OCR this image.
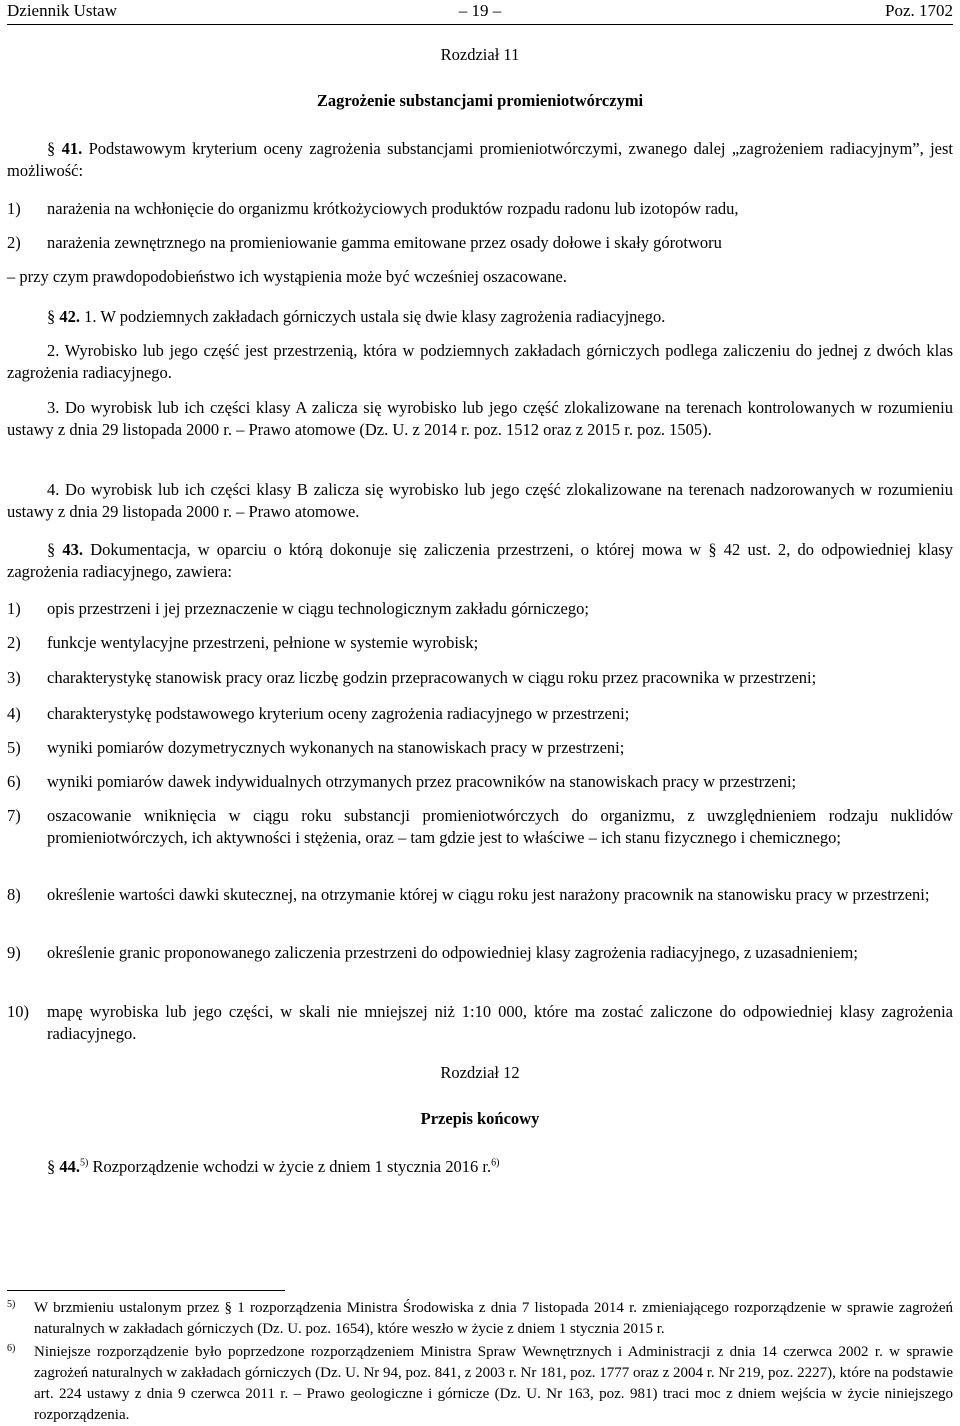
Dziennik Ustaw	– 19 –	Poz. 1702
Rozdział 11
Zagrożenie substancjami promieniotwórczymi
§ 41. Podstawowym kryterium oceny zagrożenia substancjami promieniotwórczymi, zwanego dalej „zagrożeniem radiacyjnym”, jest możliwość:
1) narażenia na wchłonięcie do organizmu krótkożyciowych produktów rozpadu radonu lub izotopów radu,
2) narażenia zewnętrznego na promieniowanie gamma emitowane przez osady dołowe i skały górotworu
– przy czym prawdopodobieństwo ich wystąpienia może być wcześniej oszacowane.
§ 42. 1. W podziemnych zakładach górniczych ustala się dwie klasy zagrożenia radiacyjnego.
2. Wyrobisko lub jego część jest przestrzenią, która w podziemnych zakładach górniczych podlega zaliczeniu do jednej z dwóch klas zagrożenia radiacyjnego.
3. Do wyrobisk lub ich części klasy A zalicza się wyrobisko lub jego część zlokalizowane na terenach kontrolowanych w rozumieniu ustawy z dnia 29 listopada 2000 r. – Prawo atomowe (Dz. U. z 2014 r. poz. 1512 oraz z 2015 r. poz. 1505).
4. Do wyrobisk lub ich części klasy B zalicza się wyrobisko lub jego część zlokalizowane na terenach nadzorowanych w rozumieniu ustawy z dnia 29 listopada 2000 r. – Prawo atomowe.
§ 43. Dokumentacja, w oparciu o którą dokonuje się zaliczenia przestrzeni, o której mowa w § 42 ust. 2, do odpowiedniej klasy zagrożenia radiacyjnego, zawiera:
1) opis przestrzeni i jej przeznaczenie w ciągu technologicznym zakładu górniczego;
2) funkcje wentylacyjne przestrzeni, pełnione w systemie wyrobisk;
3) charakterystykę stanowisk pracy oraz liczbę godzin przepracowanych w ciągu roku przez pracownika w przestrzeni;
4) charakterystykę podstawowego kryterium oceny zagrożenia radiacyjnego w przestrzeni;
5) wyniki pomiarów dozymetrycznych wykonanych na stanowiskach pracy w przestrzeni;
6) wyniki pomiarów dawek indywidualnych otrzymanych przez pracowników na stanowiskach pracy w przestrzeni;
7) oszacowanie wniknięcia w ciągu roku substancji promieniotwórczych do organizmu, z uwzględnieniem rodzaju nuklidów promieniotwórczych, ich aktywności i stężenia, oraz – tam gdzie jest to właściwe – ich stanu fizycznego i chemicznego;
8) określenie wartości dawki skutecznej, na otrzymanie której w ciągu roku jest narażony pracownik na stanowisku pracy w przestrzeni;
9) określenie granic proponowanego zaliczenia przestrzeni do odpowiedniej klasy zagrożenia radiacyjnego, z uzasadnieniem;
10) mapę wyrobiska lub jego części, w skali nie mniejszej niż 1:10 000, które ma zostać zaliczone do odpowiedniej klasy zagrożenia radiacyjnego.
Rozdział 12
Przepis końcowy
§ 44.$^{5)}$ Rozporządzenie wchodzi w życie z dniem 1 stycznia 2016 r.$^{6)}$
5) W brzmieniu ustalonym przez § 1 rozporządzenia Ministra Środowiska z dnia 7 listopada 2014 r. zmieniającego rozporządzenie w sprawie zagrożeń naturalnych w zakładach górniczych (Dz. U. poz. 1654), które weszło w życie z dniem 1 stycznia 2015 r.
6) Niniejsze rozporządzenie było poprzedzone rozporządzeniem Ministra Spraw Wewnętrznych i Administracji z dnia 14 czerwca 2002 r. w sprawie zagrożeń naturalnych w zakładach górniczych (Dz. U. Nr 94, poz. 841, z 2003 r. Nr 181, poz. 1777 oraz z 2004 r. Nr 219, poz. 2227), które na podstawie art. 224 ustawy z dnia 9 czerwca 2011 r. – Prawo geologiczne i górnicze (Dz. U. Nr 163, poz. 981) traci moc z dniem wejścia w życie niniejszego rozporządzenia.
